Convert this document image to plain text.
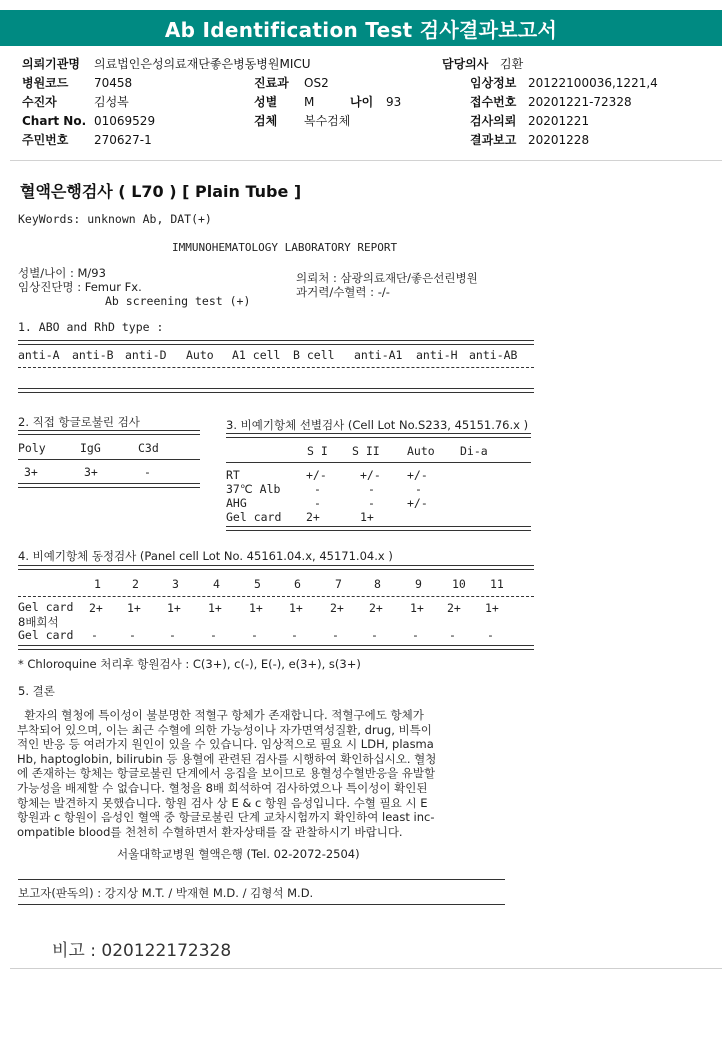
Ab Identification Test 검사결과보고서
의뢰기관명	의료법인은성의료재단좋은병동병원MICU	담당의사 김환
병원코드	70458	진료과	OS2	임상정보 20122100036,1221,4
수진자	김성복	성별	M	나이	93	접수번호 20201221-72328
Chart No. 01069529	검체	복수검체	검사의뢰 20201221
주민번호	270627-1	결과보고 20201228
혈액은행검사 ( L70 ) [ Plain Tube ]
KeyWords: unknown Ab, DAT(+)
IMMUNOHEMATOLOGY LABORATORY REPORT
성별/나이 : M/93
임상진단명 : Femur Fx.
Ab screening test (+)
의뢰처 : 삼광의료재단/좋은선린병원
과거력/수혈력 : -/-
1. ABO and RhD type :
anti-A anti-B anti-D Auto A1 cell B cell anti-A1 anti-H anti-AB
2. 직접 항글로불린 검사
Poly	IgG	C3d
3+	3+	-
3. 비예기항체 선별검사 (Cell Lot No.S233, 45151.76.x )
S I S II Auto Di-a
RT	+/-	+/- +/-
37℃ Alb	-	-	-
AHG	-	-	+/-
Gel card 2+	1+
4. 비예기항체 동정검사 (Panel cell Lot No. 45161.04.x, 45171.04.x )
1	2	3	4	5	6	7	8	9	10 11
Gel card 2+ 1+ 1+ 1+ 1+ 1+ 2+ 2+ 1+ 2+ 1+
8배희석
Gel card -	-	-	-	-	-	-	-	-	-	-
* Chloroquine 처리후 항원검사 : C(3+), c(-), E(-), e(3+), s(3+)
5. 결론
환자의 혈청에 특이성이 불분명한 적혈구 항체가 존재합니다. 적혈구에도 항체가
부착되어 있으며, 이는 최근 수혈에 의한 가능성이나 자가면역성질환, drug, 비특이
적인 반응 등 여러가지 원인이 있을 수 있습니다. 임상적으로 필요 시 LDH, plasma
Hb, haptoglobin, bilirubin 등 용혈에 관련된 검사를 시행하여 확인하십시오. 혈청
에 존재하는 항체는 항글로불린 단계에서 응집을 보이므로 용혈성수혈반응을 유발할
가능성을 배제할 수 없습니다. 혈청을 8배 희석하여 검사하였으나 특이성이 확인된
항체는 발견하지 못했습니다. 항원 검사 상 E & c 항원 음성입니다. 수혈 필요 시 E
항원과 c 항원이 음성인 혈액 중 항글로불린 단계 교차시험까지 확인하여 least inc-
ompatible blood를 천천히 수혈하면서 환자상태를 잘 관찰하시기 바랍니다.
서울대학교병원 혈액은행 (Tel. 02-2072-2504)
보고자(판독의) : 강지상 M.T. / 박재현 M.D. / 김형석 M.D.
비고 : 020122172328
